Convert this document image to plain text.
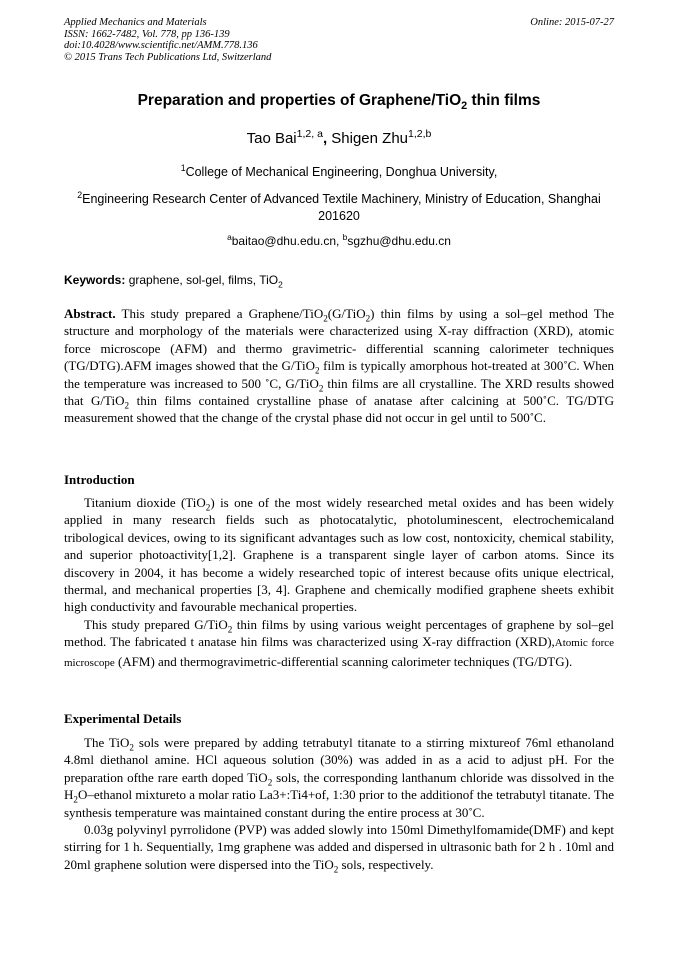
Applied Mechanics and Materials
ISSN: 1662-7482, Vol. 778, pp 136-139
doi:10.4028/www.scientific.net/AMM.778.136
© 2015 Trans Tech Publications Ltd, Switzerland
Online: 2015-07-27
Preparation and properties of Graphene/TiO$_2$ thin films
Tao Bai$^{1,2, a}$, Shigen Zhu$^{1,2,b}$
$^1$College of Mechanical Engineering, Donghua University,
$^2$Engineering Research Center of Advanced Textile Machinery, Ministry of Education, Shanghai 201620
$^a$baitao@dhu.edu.cn, $^b$sgzhu@dhu.edu.cn
Keywords: graphene, sol-gel, films, TiO$_2$

Abstract. This study prepared a Graphene/TiO$_2$(G/TiO$_2$) thin films by using a sol–gel method The structure and morphology of the materials were characterized using X-ray diffraction (XRD), atomic force microscope (AFM) and thermo gravimetric- differential scanning calorimeter techniques (TG/DTG).AFM images showed that the G/TiO$_2$ film is typically amorphous hot-treated at 300˚C. When the temperature was increased to 500 ˚C, G/TiO$_2$ thin films are all crystalline. The XRD results showed that G/TiO$_2$ thin films contained crystalline phase of anatase after calcining at 500˚C. TG/DTG measurement showed that the change of the crystal phase did not occur in gel until to 500˚C.

Introduction

Titanium dioxide (TiO$_2$) is one of the most widely researched metal oxides and has been widely applied in many research fields such as photocatalytic, photoluminescent, electrochemicaland tribological devices, owing to its significant advantages such as low cost, nontoxicity, chemical stability, and superior photoactivity[1,2]. Graphene is a transparent single layer of carbon atoms. Since its discovery in 2004, it has become a widely researched topic of interest because ofits unique electrical, thermal, and mechanical properties [3, 4]. Graphene and chemically modified graphene sheets exhibit high conductivity and favourable mechanical properties.

This study prepared G/TiO$_2$ thin films by using various weight percentages of graphene by sol–gel method. The fabricated t anatase hin films was characterized using X-ray diffraction (XRD),Atomic force microscope (AFM) and thermogravimetric-differential scanning calorimeter techniques (TG/DTG).

Experimental Details

The TiO$_2$ sols were prepared by adding tetrabutyl titanate to a stirring mixtureof 76ml ethanoland 4.8ml diethanol amine. HCl aqueous solution (30%) was added in as a acid to adjust pH. For the preparation ofthe rare earth doped TiO$_2$ sols, the corresponding lanthanum chloride was dissolved in the $H_2O$–ethanol mixtureto a molar ratio La3+:Ti4+of, 1:30 prior to the additionof the tetrabutyl titanate. The synthesis temperature was maintained constant during the entire process at 30˚C.

0.03g polyvinyl pyrrolidone (PVP) was added slowly into 150ml Dimethylfomamide(DMF) and kept stirring for 1 h. Sequentially, 1mg graphene was added and dispersed in ultrasonic bath for 2 h . 10ml and 20ml graphene solution were dispersed into the TiO$_2$ sols, respectively.
